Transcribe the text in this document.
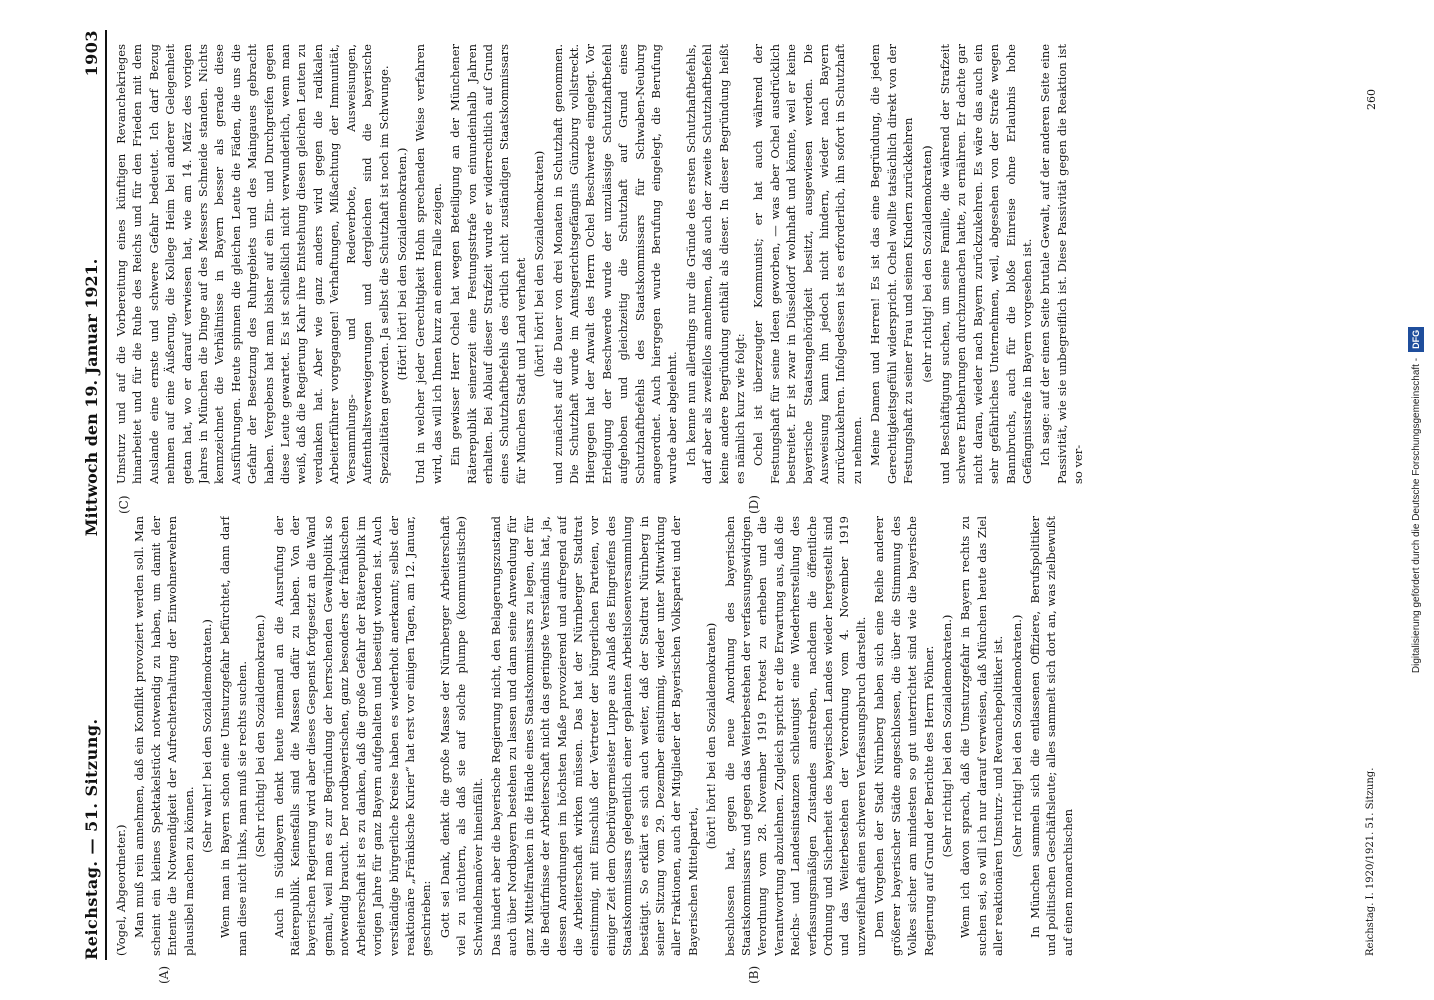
Reichstag. — 51. Sitzung.
Mittwoch den 19. Januar 1921.
1903
(A)	(B)
(C)	(D)

(Vogel, Abgeordneter.) Man muß rein annehmen, daß ein Konflikt provoziert werden soll. Man scheint ein kleines Spektakelstück notwendig zu haben, um damit der Entente die Notwendigkeit der Aufrechterhaltung der Einwohnerwehren plausibel machen zu können.

(Sehr wahr! bei den Sozialdemokraten.) Wenn man in Bayern schon eine Umsturzgefahr befürchtet, dann darf man diese nicht links, man muß sie rechts suchen. (Sehr richtig! bei den Sozialdemokraten.) Auch in Südbayern denkt heute niemand an die Ausrufung der Räterepublik. Keinesfalls sind die Massen dafür zu haben. Von der bayerischen Regierung wird aber dieses Gespenst fortgesetzt an die Wand gemalt, weil man es zur Begründung der herrschenden Gewaltpolitik so notwendig braucht. Der nordbayerischen, ganz besonders der fränkischen Arbeiterschaft ist es zu danken, daß die große Gefahr der Räterepublik im vorigen Jahre für ganz Bayern aufgehalten und beseitigt worden ist. Auch verständige bürgerliche Kreise haben es wiederholt anerkannt; selbst der reaktionäre „Fränkische Kurier“ hat erst vor einigen Tagen, am 12. Januar, geschrieben: Gott sei Dank, denkt die große Masse der Nürnberger Arbeiterschaft viel zu nüchtern, als daß sie auf solche plumpe (kommunistische) Schwindelmanöver hineinfällt. Das hindert aber die bayerische Regierung nicht, den Belagerungszustand auch über Nordbayern bestehen zu lassen und dann seine Anwendung für ganz Mittelfranken in die Hände eines Staatskommissars zu legen, der für die Bedürfnisse der Arbeiterschaft nicht das geringste Verständnis hat, ja, dessen Anordnungen im höchsten Maße provozierend und aufregend auf die Arbeiterschaft wirken müssen. Das hat der Nürnberger Stadtrat einstimmig, mit Einschluß der Vertreter der bürgerlichen Parteien, vor einiger Zeit dem Oberbürgermeister Luppe aus Anlaß des Eingreifens des Staatskommissars gelegentlich einer geplanten Arbeitslosenversammlung bestätigt. So erklärt es sich auch weiter, daß der Stadtrat Nürnberg in seiner Sitzung vom 29. Dezember einstimmig, wieder unter Mitwirkung aller Fraktionen, auch der Mitglieder der Bayerischen Volkspartei und der Bayerischen Mittelpartei,

(hört! hört! bei den Sozialdemokraten) beschlossen hat, gegen die neue Anordnung des bayerischen Staatskommissars und gegen das Weiterbestehen der verfassungswidrigen Verordnung vom 28. November 1919 Protest zu erheben und die Verantwortung abzulehnen. Zugleich spricht er die Erwartung aus, daß die Reichs- und Landesinstanzen schleunigst eine Wiederherstellung des verfassungsmäßigen Zustandes anstreben, nachdem die öffentliche Ordnung und Sicherheit des bayerischen Landes wieder hergestellt sind und das Weiterbestehen der Verordnung vom 4. November 1919 unzweifelhaft einen schweren Verfassungsbruch darstellt. Dem Vorgehen der Stadt Nürnberg haben sich eine Reihe anderer größerer bayerischer Städte angeschlossen, die über die Stimmung des Volkes sicher am mindesten so gut unterrichtet sind wie die bayerische Regierung auf Grund der Berichte des Herrn Pöhner. (Sehr richtig! bei den Sozialdemokraten.) Wenn ich davon sprach, daß die Umsturzgefahr in Bayern rechts zu suchen sei, so will ich nur darauf verweisen, daß München heute das Ziel aller reaktionären Umsturz- und Revanchepolitiker ist. (Sehr richtig! bei den Sozialdemokraten.) In München sammeln sich die entlassenen Offiziere, Berufspolitiker und politischen Geschäftsleute; alles sammelt sich dort an, was zielbewußt auf einen monarchischen

Umsturz und auf die Vorbereitung eines künftigen Revanchekrieges hinarbeitet und für die Ruhe des Reichs und für den Frieden mit dem Auslande eine ernste und schwere Gefahr bedeutet. Ich darf Bezug nehmen auf eine Äußerung, die Kollege Heim bei anderer Gelegenheit getan hat, wo er darauf verwiesen hat, wie am 14. März des vorigen Jahres in München die Dinge auf des Messers Schneide standen. Nichts kennzeichnet die Verhältnisse in Bayern besser als gerade diese Ausführungen. Heute spinnen die gleichen Leute die Fäden, die uns die Gefahr der Besetzung des Ruhrgebiets und des Maingaues gebracht haben. Vergebens hat man bisher auf ein Ein- und Durchgreifen gegen diese Leute gewartet. Es ist schließlich nicht verwunderlich, wenn man weiß, daß die Regierung Kahr ihre Entstehung diesen gleichen Leuten zu verdanken hat. Aber wie ganz anders wird gegen die radikalen Arbeiterführer vorgegangen! Verhaftungen, Mißachtung der Immunität, Versammlungs- und Redeverbote, Ausweisungen, Aufenthaltsverweigerungen und dergleichen sind die bayerische Spezialitäten geworden. Ja selbst die Schutzhaft ist noch im Schwunge. (Hört! hört! bei den Sozialdemokraten.) Und in welcher jeder Gerechtigkeit Hohn sprechenden Weise verfahren wird, das will ich Ihnen kurz an einem Falle zeigen. Ein gewisser Herr Ochel hat wegen Beteiligung an der Münchener Räterepublik seinerzeit eine Festungsstrafe von einundeinhalb Jahren erhalten. Bei Ablauf dieser Strafzeit wurde er widerrechtlich auf Grund eines Schutzhaftbefehls des örtlich nicht zuständigen Staatskommissars für München Stadt und Land verhaftet (hört! hört! bei den Sozialdemokraten) und zunächst auf die Dauer von drei Monaten in Schutzhaft genommen. Die Schutzhaft wurde im Amtsgerichtsgefängnis Günzburg vollstreckt. Hiergegen hat der Anwalt des Herrn Ochel Beschwerde eingelegt. Vor Erledigung der Beschwerde wurde der unzulässige Schutzhaftbefehl aufgehoben und gleichzeitig die Schutzhaft auf Grund eines Schutzhaftbefehls des Staatskommissars für Schwaben-Neuburg angeordnet. Auch hiergegen wurde Berufung eingelegt, die Berufung wurde aber abgelehnt. Ich kenne nun allerdings nur die Gründe des ersten Schutzhaftbefehls, darf aber als zweifellos annehmen, daß auch der zweite Schutzhaftbefehl keine andere Begründung enthält als dieser. In dieser Begründung heißt es nämlich kurz wie folgt: Ochel ist überzeugter Kommunist; er hat auch während der Festungshaft für seine Ideen geworben, — was aber Ochel ausdrücklich bestreitet. Er ist zwar in Düsseldorf wohnhaft und könnte, weil er keine bayerische Staatsangehörigkeit besitzt, ausgewiesen werden. Die Ausweisung kann ihn jedoch nicht hindern, wieder nach Bayern zurückzukehren. Infolgedessen ist es erforderlich, ihn sofort in Schutzhaft zu nehmen. Meine Damen und Herren! Es ist das eine Begründung, die jedem Gerechtigkeitsgefühl widerspricht. Ochel wollte tatsächlich direkt von der Festungshaft zu seiner Frau und seinen Kindern zurückkehren (sehr richtig! bei den Sozialdemokraten) und Beschäftigung suchen, um seine Familie, die während der Strafzeit schwere Entbehrungen durchzumachen hatte, zu ernähren. Er dachte gar nicht daran, wieder nach Bayern zurückzukehren. Es wäre das auch ein sehr gefährliches Unternehmen, weil, abgesehen von der Strafe wegen Bannbruchs, auch für die bloße Einreise ohne Erlaubnis hohe Gefängnisstrafe in Bayern vorgesehen ist. Ich sage: auf der einen Seite brutale Gewalt, auf der anderen Seite eine Passivität, wie sie unbegreiflich ist. Diese Passivität gegen die Reaktion ist so ver-

Reichstag. I. 1920/1921. 51. Sitzung.
260
Digitalisierung gefördert durch die Deutsche Forschungsgemeinschaft -DFG
